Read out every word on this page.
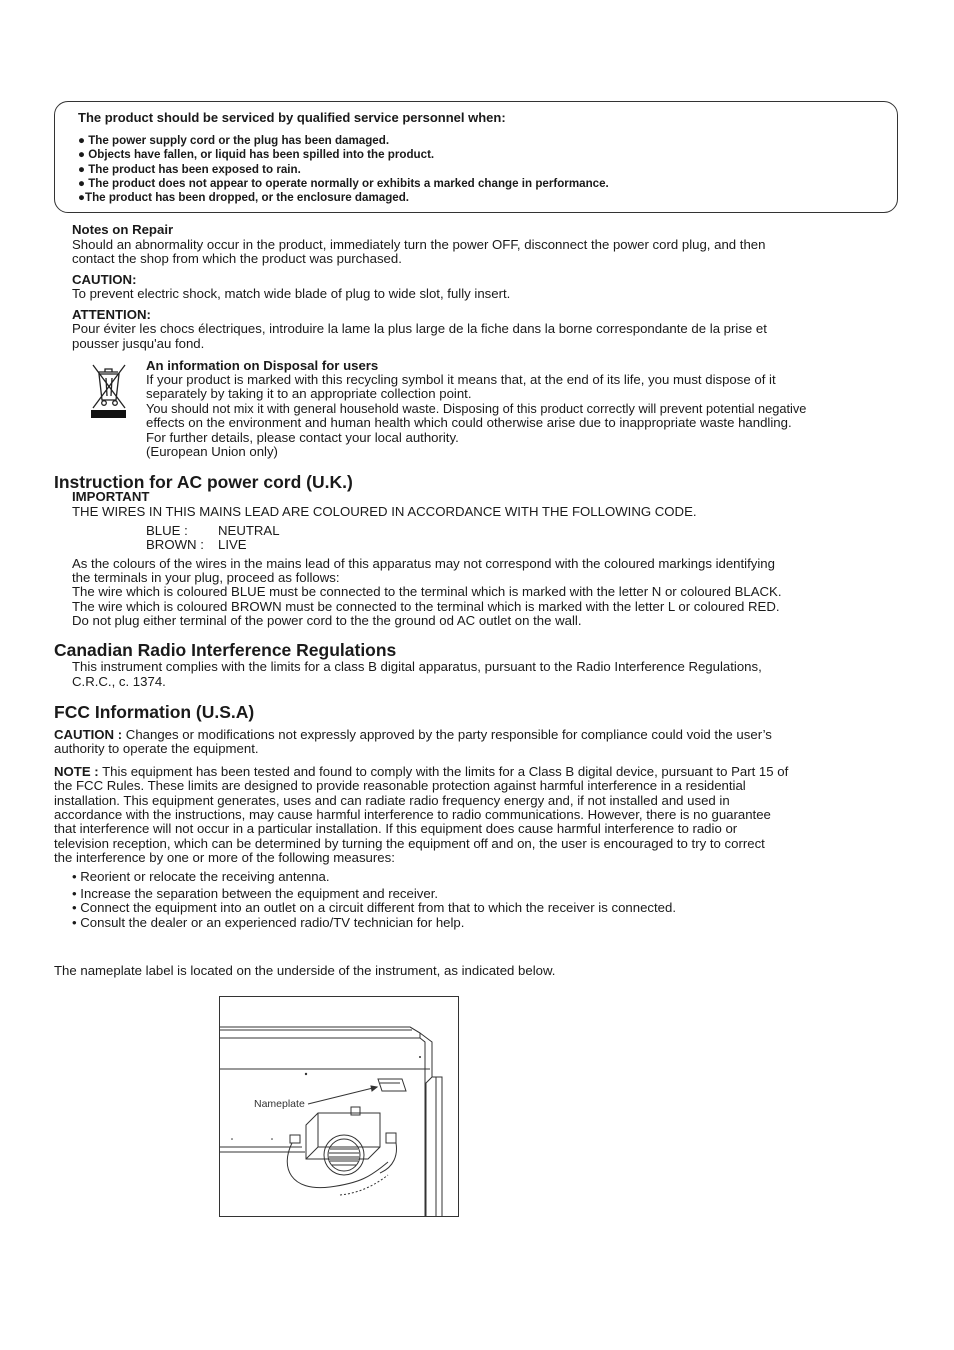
The product should be serviced by qualified service personnel when:
● The power supply cord or the plug has been damaged.
● Objects have fallen, or liquid has been spilled into the product.
● The product has been exposed to rain.
● The product does not appear to operate normally or exhibits a marked change in performance.
●The product has been dropped, or the enclosure damaged.
Notes on Repair
Should an abnormality occur in the product, immediately turn the power OFF, disconnect the power cord plug, and then
contact the shop from which the product was purchased.
CAUTION:
To prevent electric shock, match wide blade of plug to wide slot, fully insert.
ATTENTION:
Pour éviter les chocs électriques, introduire la lame la plus large de la fiche dans la borne correspondante de la prise et
pousser jusqu'au fond.
An information on Disposal for users
If your product is marked with this recycling symbol it means that, at the end of its life, you must dispose of it
separately by taking it to an appropriate collection point.
You should not mix it with general household waste. Disposing of this product correctly will prevent potential negative
effects on the environment and human health which could otherwise arise due to inappropriate waste handling.
For further details, please contact your local authority.
(European Union only)
Instruction for AC power cord (U.K.)
IMPORTANT
THE WIRES IN THIS MAINS LEAD ARE COLOURED IN ACCORDANCE WITH THE FOLLOWING CODE.
BLUE : NEUTRAL
BROWN : LIVE
As the colours of the wires in the mains lead of this apparatus may not correspond with the coloured markings identifying
the terminals in your plug, proceed as follows:
The wire which is coloured BLUE must be connected to the terminal which is marked with the letter N or coloured BLACK.
The wire which is coloured BROWN must be connected to the terminal which is marked with the letter L or coloured RED.
Do not plug either terminal of the power cord to the the ground od AC outlet on the wall.
Canadian Radio Interference Regulations
This instrument complies with the limits for a class B digital apparatus, pursuant to the Radio Interference Regulations,
C.R.C., c. 1374.
FCC Information (U.S.A)
CAUTION : Changes or modifications not expressly approved by the party responsible for compliance could void the user’s
authority to operate the equipment.
NOTE : This equipment has been tested and found to comply with the limits for a Class B digital device, pursuant to Part 15 of
the FCC Rules. These limits are designed to provide reasonable protection against harmful interference in a residential
installation. This equipment generates, uses and can radiate radio frequency energy and, if not installed and used in
accordance with the instructions, may cause harmful interference to radio communications. However, there is no guarantee
that interference will not occur in a particular installation. If this equipment does cause harmful interference to radio or
television reception, which can be determined by turning the equipment off and on, the user is encouraged to try to correct
the interference by one or more of the following measures:
• Reorient or relocate the receiving antenna.
• Increase the separation between the equipment and receiver.
• Connect the equipment into an outlet on a circuit different from that to which the receiver is connected.
• Consult the dealer or an experienced radio/TV technician for help.
The nameplate label is located on the underside of the instrument, as indicated below.
Nameplate
